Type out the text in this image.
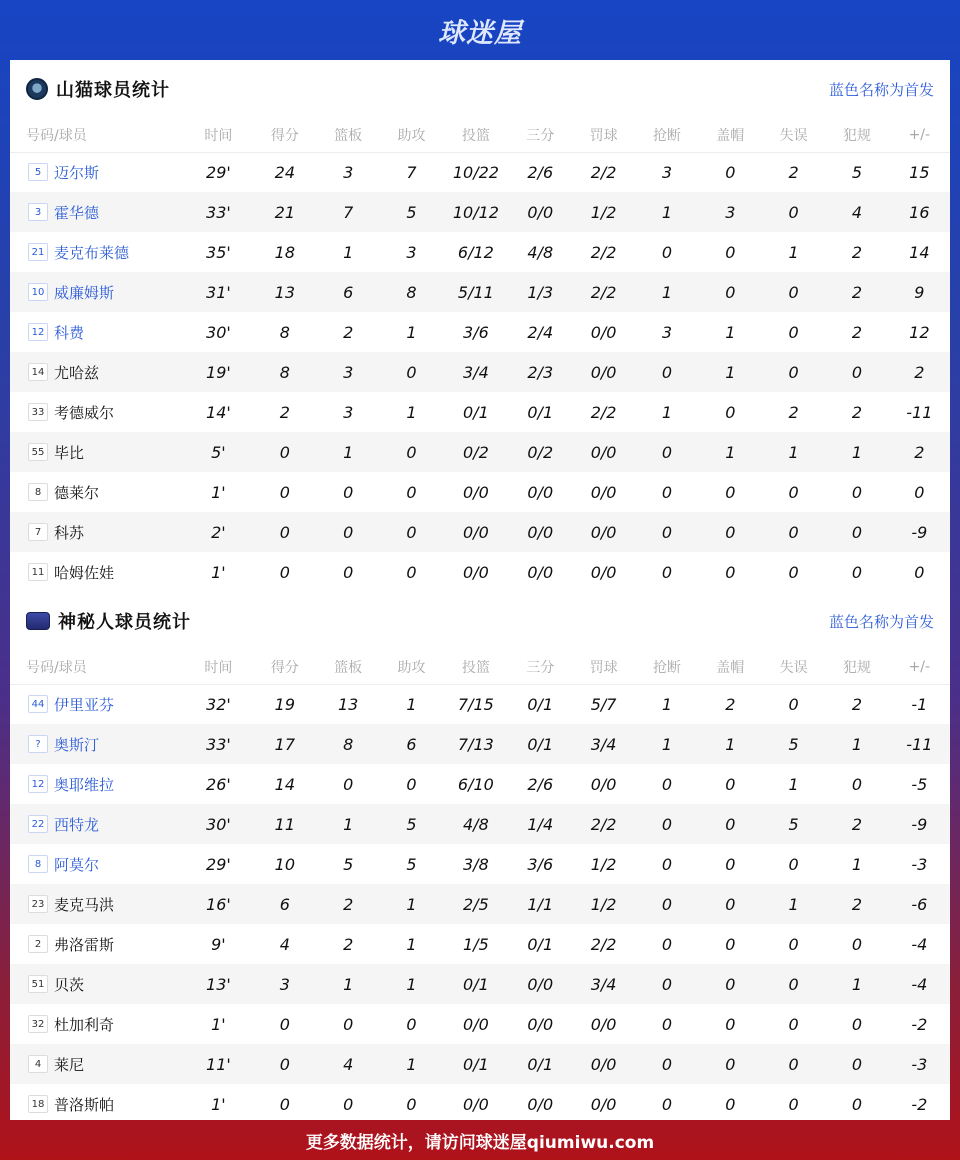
球迷屋
山猫球员统计	蓝色名称为首发
号码/球员	时间	得分	篮板	助攻	投篮	三分	罚球	抢断	盖帽	失误	犯规	+/-
5 迈尔斯	29'	24	3	7	10/22	2/6	2/2	3	0	2	5	15
3 霍华德	33'	21	7	5	10/12	0/0	1/2	1	3	0	4	16
21 麦克布莱德	35'	18	1	3	6/12	4/8	2/2	0	0	1	2	14
10 威廉姆斯	31'	13	6	8	5/11	1/3	2/2	1	0	0	2	9
12 科费	30'	8	2	1	3/6	2/4	0/0	3	1	0	2	12
14 尤哈兹	19'	8	3	0	3/4	2/3	0/0	0	1	0	0	2
33 考德威尔	14'	2	3	1	0/1	0/1	2/2	1	0	2	2	-11
55 毕比	5'	0	1	0	0/2	0/2	0/0	0	1	1	1	2
8 德莱尔	1'	0	0	0	0/0	0/0	0/0	0	0	0	0	0
7 科苏	2'	0	0	0	0/0	0/0	0/0	0	0	0	0	-9
11 哈姆佐娃	1'	0	0	0	0/0	0/0	0/0	0	0	0	0	0
神秘人球员统计	蓝色名称为首发
号码/球员	时间	得分	篮板	助攻	投篮	三分	罚球	抢断	盖帽	失误	犯规	+/-
44 伊里亚芬	32'	19	13	1	7/15	0/1	5/7	1	2	0	2	-1
? 奥斯汀	33'	17	8	6	7/13	0/1	3/4	1	1	5	1	-11
12 奥耶维拉	26'	14	0	0	6/10	2/6	0/0	0	0	1	0	-5
22 西特龙	30'	11	1	5	4/8	1/4	2/2	0	0	5	2	-9
8 阿莫尔	29'	10	5	5	3/8	3/6	1/2	0	0	0	1	-3
23 麦克马洪	16'	6	2	1	2/5	1/1	1/2	0	0	1	2	-6
2 弗洛雷斯	9'	4	2	1	1/5	0/1	2/2	0	0	0	0	-4
51 贝茨	13'	3	1	1	0/1	0/0	3/4	0	0	0	1	-4
32 杜加利奇	1'	0	0	0	0/0	0/0	0/0	0	0	0	0	-2
4 莱尼	11'	0	4	1	0/1	0/1	0/0	0	0	0	0	-3
18 普洛斯帕	1'	0	0	0	0/0	0/0	0/0	0	0	0	0	-2
更多数据统计，请访问球迷屋qiumiwu.com
